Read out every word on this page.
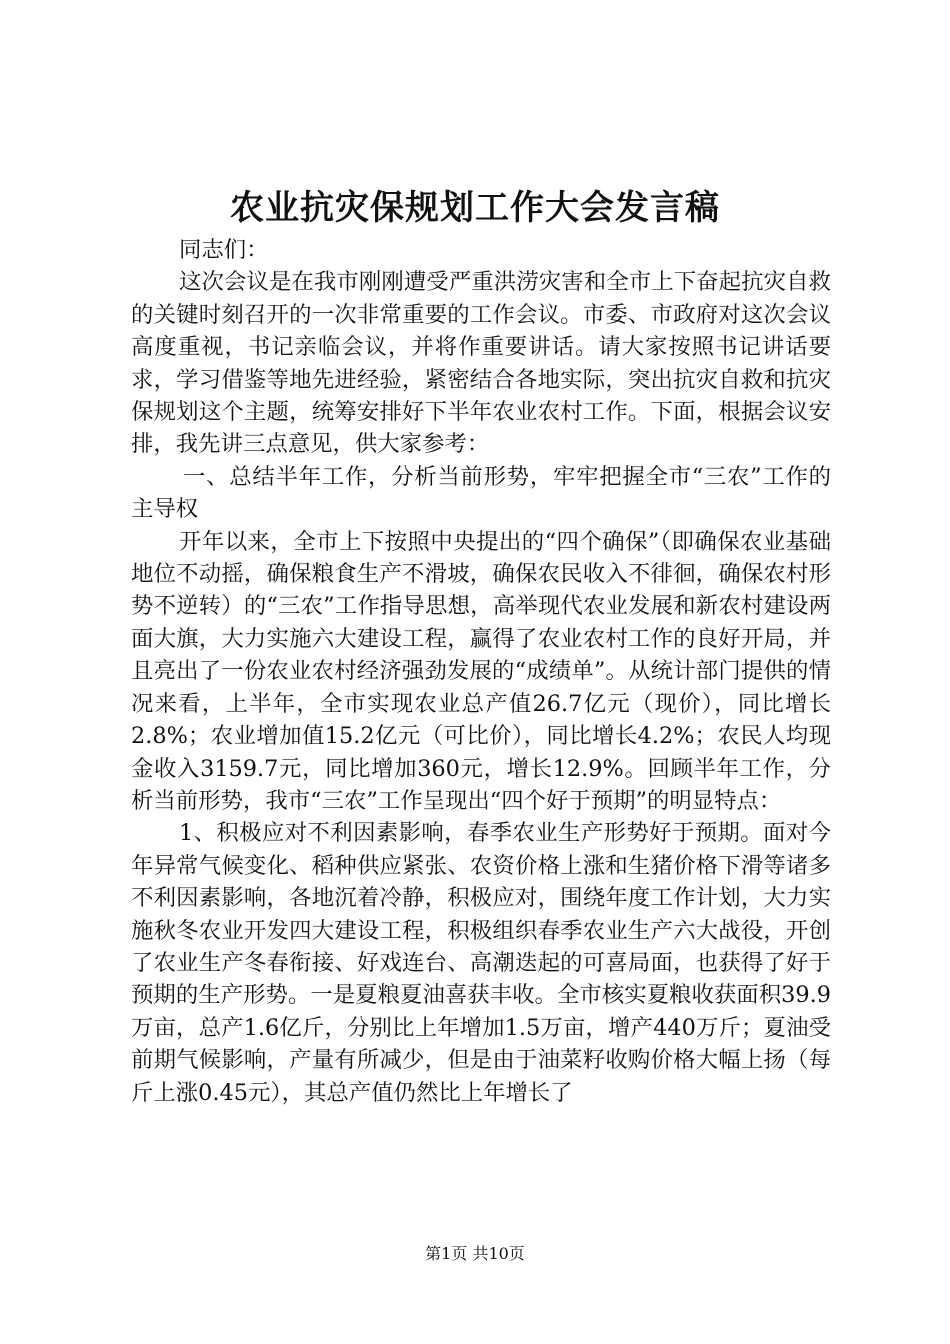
农业抗灾保规划工作大会发言稿

同志们：

这次会议是在我市刚刚遭受严重洪涝灾害和全市上下奋起抗灾自救的关键时刻召开的一次非常重要的工作会议。市委、市政府对这次会议高度重视，书记亲临会议，并将作重要讲话。请大家按照书记讲话要求，学习借鉴等地先进经验，紧密结合各地实际，突出抗灾自救和抗灾保规划这个主题，统筹安排好下半年农业农村工作。下面，根据会议安排，我先讲三点意见，供大家参考：

一、总结半年工作，分析当前形势，牢牢把握全市“三农”工作的主导权

开年以来，全市上下按照中央提出的“四个确保”（即确保农业基础地位不动摇，确保粮食生产不滑坡，确保农民收入不徘徊，确保农村形势不逆转）的“三农”工作指导思想，高举现代农业发展和新农村建设两面大旗，大力实施六大建设工程，赢得了农业农村工作的良好开局，并且亮出了一份农业农村经济强劲发展的“成绩单”。从统计部门提供的情况来看，上半年，全市实现农业总产值26.7亿元（现价），同比增长2.8%；农业增加值15.2亿元（可比价），同比增长4.2%；农民人均现金收入3159.7元，同比增加360元，增长12.9%。回顾半年工作，分析当前形势，我市“三农”工作呈现出“四个好于预期”的明显特点：

1、积极应对不利因素影响，春季农业生产形势好于预期。面对今年异常气候变化、稻种供应紧张、农资价格上涨和生猪价格下滑等诸多不利因素影响，各地沉着冷静，积极应对，围绕年度工作计划，大力实施秋冬农业开发四大建设工程，积极组织春季农业生产六大战役，开创了农业生产冬春衔接、好戏连台、高潮迭起的可喜局面，也获得了好于预期的生产形势。一是夏粮夏油喜获丰收。全市核实夏粮收获面积39.9万亩，总产1.6亿斤，分别比上年增加1.5万亩，增产440万斤；夏油受前期气候影响，产量有所减少，但是由于油菜籽收购价格大幅上扬（每斤上涨0.45元），其总产值仍然比上年增长了

第1页 共10页
